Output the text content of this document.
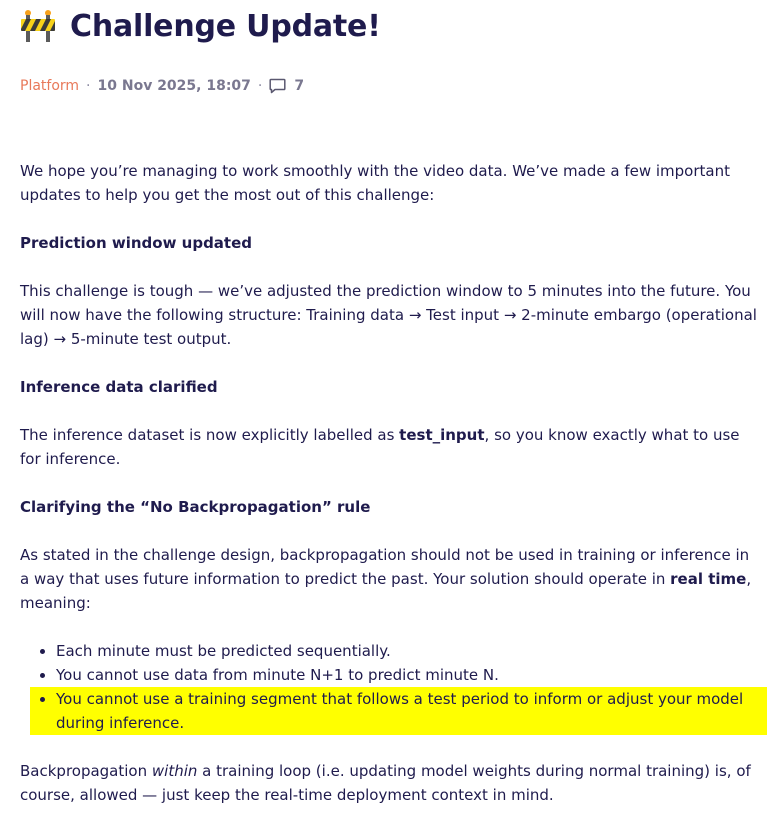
Challenge Update!
Platform · 10 Nov 2025, 18:07 · 7

We hope you’re managing to work smoothly with the video data. We’ve made a few important updates to help you get the most out of this challenge:

Prediction window updated

This challenge is tough — we’ve adjusted the prediction window to 5 minutes into the future. You will now have the following structure: Training data → Test input → 2-minute embargo (operational lag) → 5-minute test output.

Inference data clarified

The inference dataset is now explicitly labelled as test_input, so you know exactly what to use for inference.

Clarifying the “No Backpropagation” rule

As stated in the challenge design, backpropagation should not be used in training or inference in a way that uses future information to predict the past. Your solution should operate in real time, meaning:

Each minute must be predicted sequentially.
You cannot use data from minute N+1 to predict minute N.
You cannot use a training segment that follows a test period to inform or adjust your model during inference.

Backpropagation within a training loop (i.e. updating model weights during normal training) is, of course, allowed — just keep the real-time deployment context in mind.
